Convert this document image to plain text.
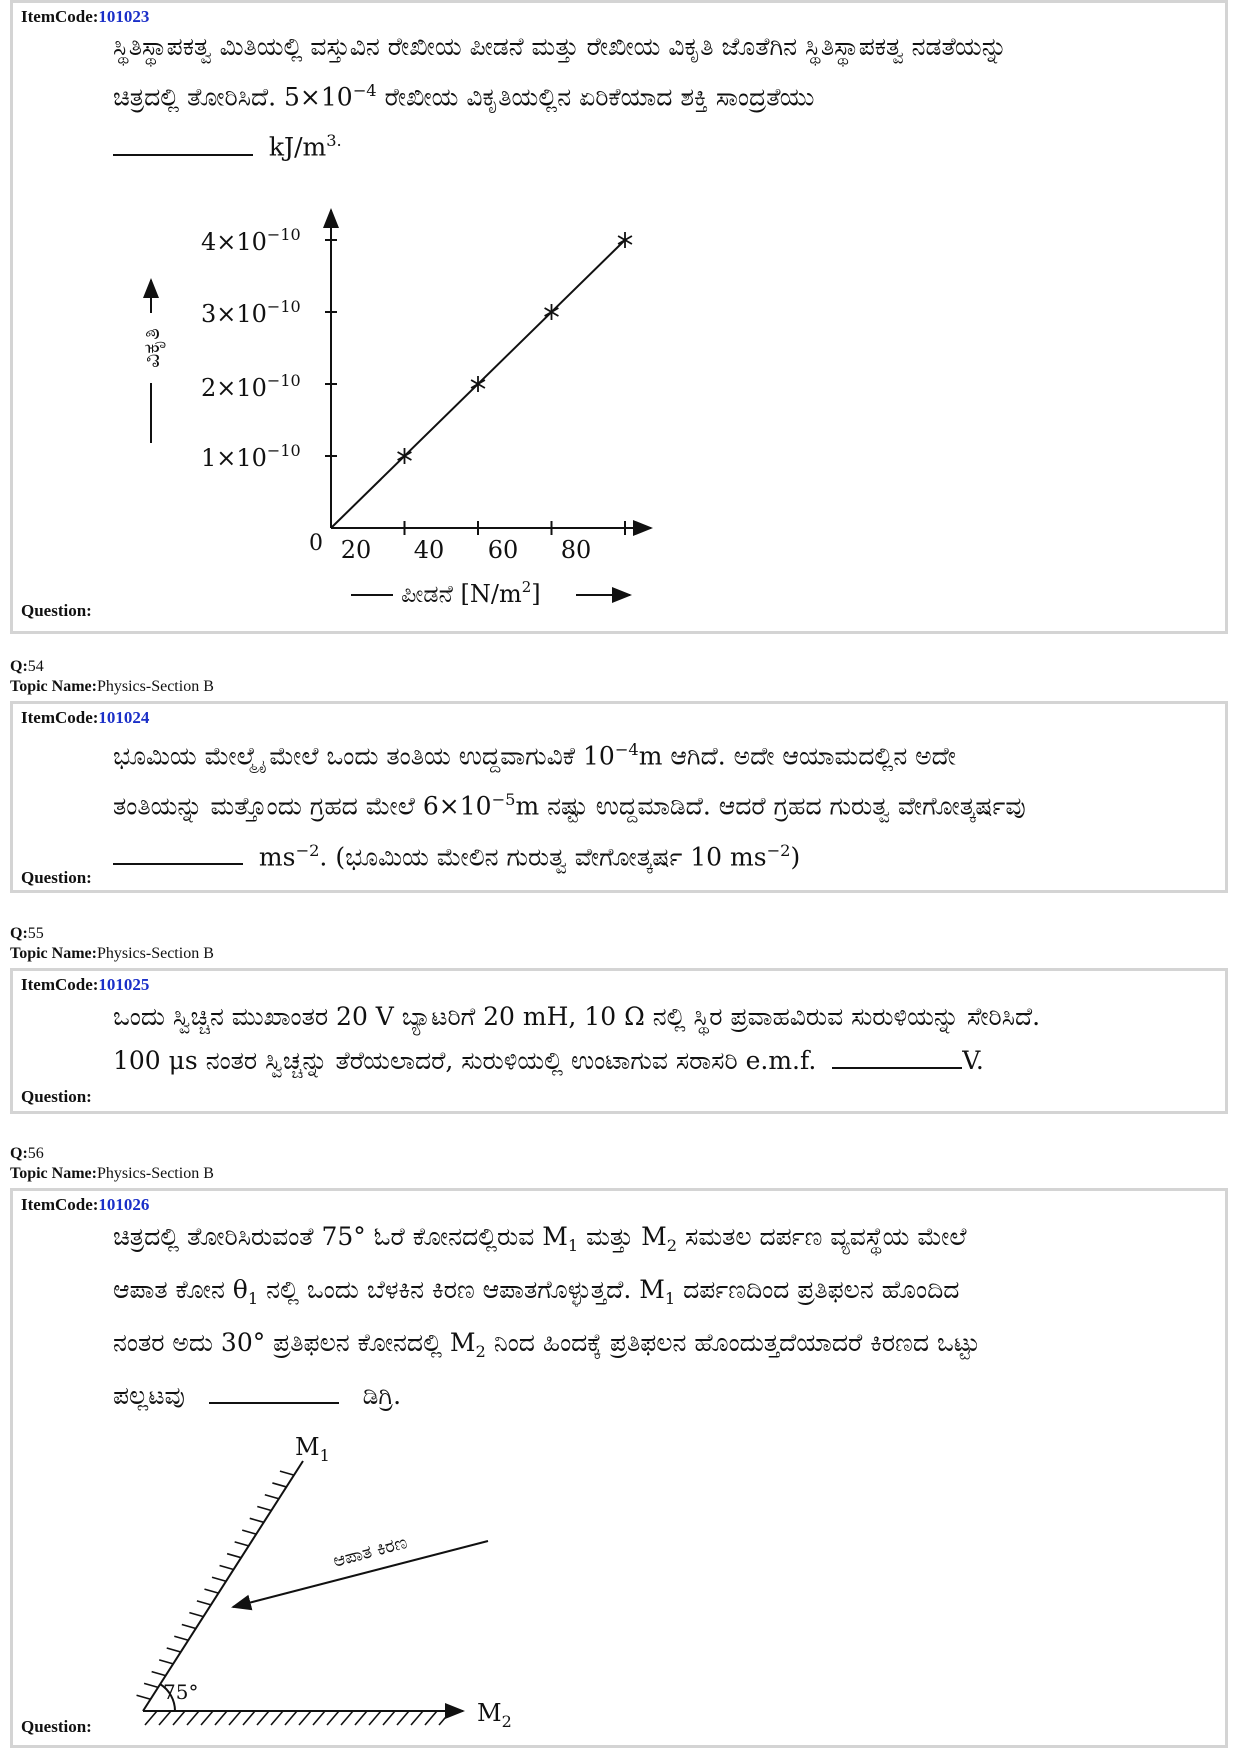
ItemCode:101023
ಸ್ಥಿತಿಸ್ಥಾಪಕತ್ವ ಮಿತಿಯಲ್ಲಿ ವಸ್ತುವಿನ ರೇಖೀಯ ಪೀಡನೆ ಮತ್ತು ರೇಖೀಯ ವಿಕೃತಿ ಜೊತೆಗಿನ ಸ್ಥಿತಿಸ್ಥಾಪಕತ್ವ ನಡತೆಯನ್ನು
ಚಿತ್ರದಲ್ಲಿ ತೋರಿಸಿದೆ. $5\times 10^{-4}$ ರೇಖೀಯ ವಿಕೃತಿಯಲ್ಲಿನ ಏರಿಕೆಯಾದ ಶಕ್ತಿ ಸಾಂದ್ರತೆಯು
$kJ/m^{3.}$
$4\times 10^{-10}$
$3\times 10^{-10}$
$2\times 10^{-10}$
$1\times 10^{-10}$
0 20 40 60 80
ವಿಕೃತಿ
ಪೀಡನೆ $[N/m^2]$
Question:
Q:54
Topic Name:Physics-Section B
ItemCode:101024
ಭೂಮಿಯ ಮೇಲ್ಮೈ ಮೇಲೆ ಒಂದು ತಂತಿಯ ಉದ್ದವಾಗುವಿಕೆ $10^{-4}m$ ಆಗಿದೆ. ಅದೇ ಆಯಾಮದಲ್ಲಿನ ಅದೇ
ತಂತಿಯನ್ನು ಮತ್ತೊಂದು ಗ್ರಹದ ಮೇಲೆ $6\times 10^{-5}m$ ನಷ್ಟು ಉದ್ದಮಾಡಿದೆ. ಆದರೆ ಗ್ರಹದ ಗುರುತ್ವ ವೇಗೋತ್ಕರ್ಷವು
$ms^{-2}$. (ಭೂಮಿಯ ಮೇಲಿನ ಗುರುತ್ವ ವೇಗೋತ್ಕರ್ಷ 10 $ms^{-2}$)
Question:
Q:55
Topic Name:Physics-Section B
ItemCode:101025
ಒಂದು ಸ್ವಿಚ್ಚಿನ ಮುಖಾಂತರ 20 V ಬ್ಯಾಟರಿಗೆ 20 mH, 10 Ω ನಲ್ಲಿ ಸ್ಥಿರ ಪ್ರವಾಹವಿರುವ ಸುರುಳಿಯನ್ನು ಸೇರಿಸಿದೆ.
100 μs ನಂತರ ಸ್ವಿಚ್ಚನ್ನು ತೆರೆಯಲಾದರೆ, ಸುರುಳಿಯಲ್ಲಿ ಉಂಟಾಗುವ ಸರಾಸರಿ e.m.f.	V.
Question:
Q:56
Topic Name:Physics-Section B
ItemCode:101026
ಚಿತ್ರದಲ್ಲಿ ತೋರಿಸಿರುವಂತೆ 75° ಓರೆ ಕೋನದಲ್ಲಿರುವ $M_1$ ಮತ್ತು $M_2$ ಸಮತಲ ದರ್ಪಣ ವ್ಯವಸ್ಥೆಯ ಮೇಲೆ
ಆಪಾತ ಕೋನ $\theta_1$ ನಲ್ಲಿ ಒಂದು ಬೆಳಕಿನ ಕಿರಣ ಆಪಾತಗೊಳ್ಳುತ್ತದೆ. $M_1$ ದರ್ಪಣದಿಂದ ಪ್ರತಿಫಲನ ಹೊಂದಿದ
ನಂತರ ಅದು 30° ಪ್ರತಿಫಲನ ಕೋನದಲ್ಲಿ $M_2$ ನಿಂದ ಹಿಂದಕ್ಕೆ ಪ್ರತಿಫಲನ ಹೊಂದುತ್ತದೆಯಾದರೆ ಕಿರಣದ ಒಟ್ಟು
ಪಲ್ಲಟವು	ಡಿಗ್ರಿ.
75°
ಆಪಾತ ಕಿರಣ
$M_1$
$M_2$
Question:
